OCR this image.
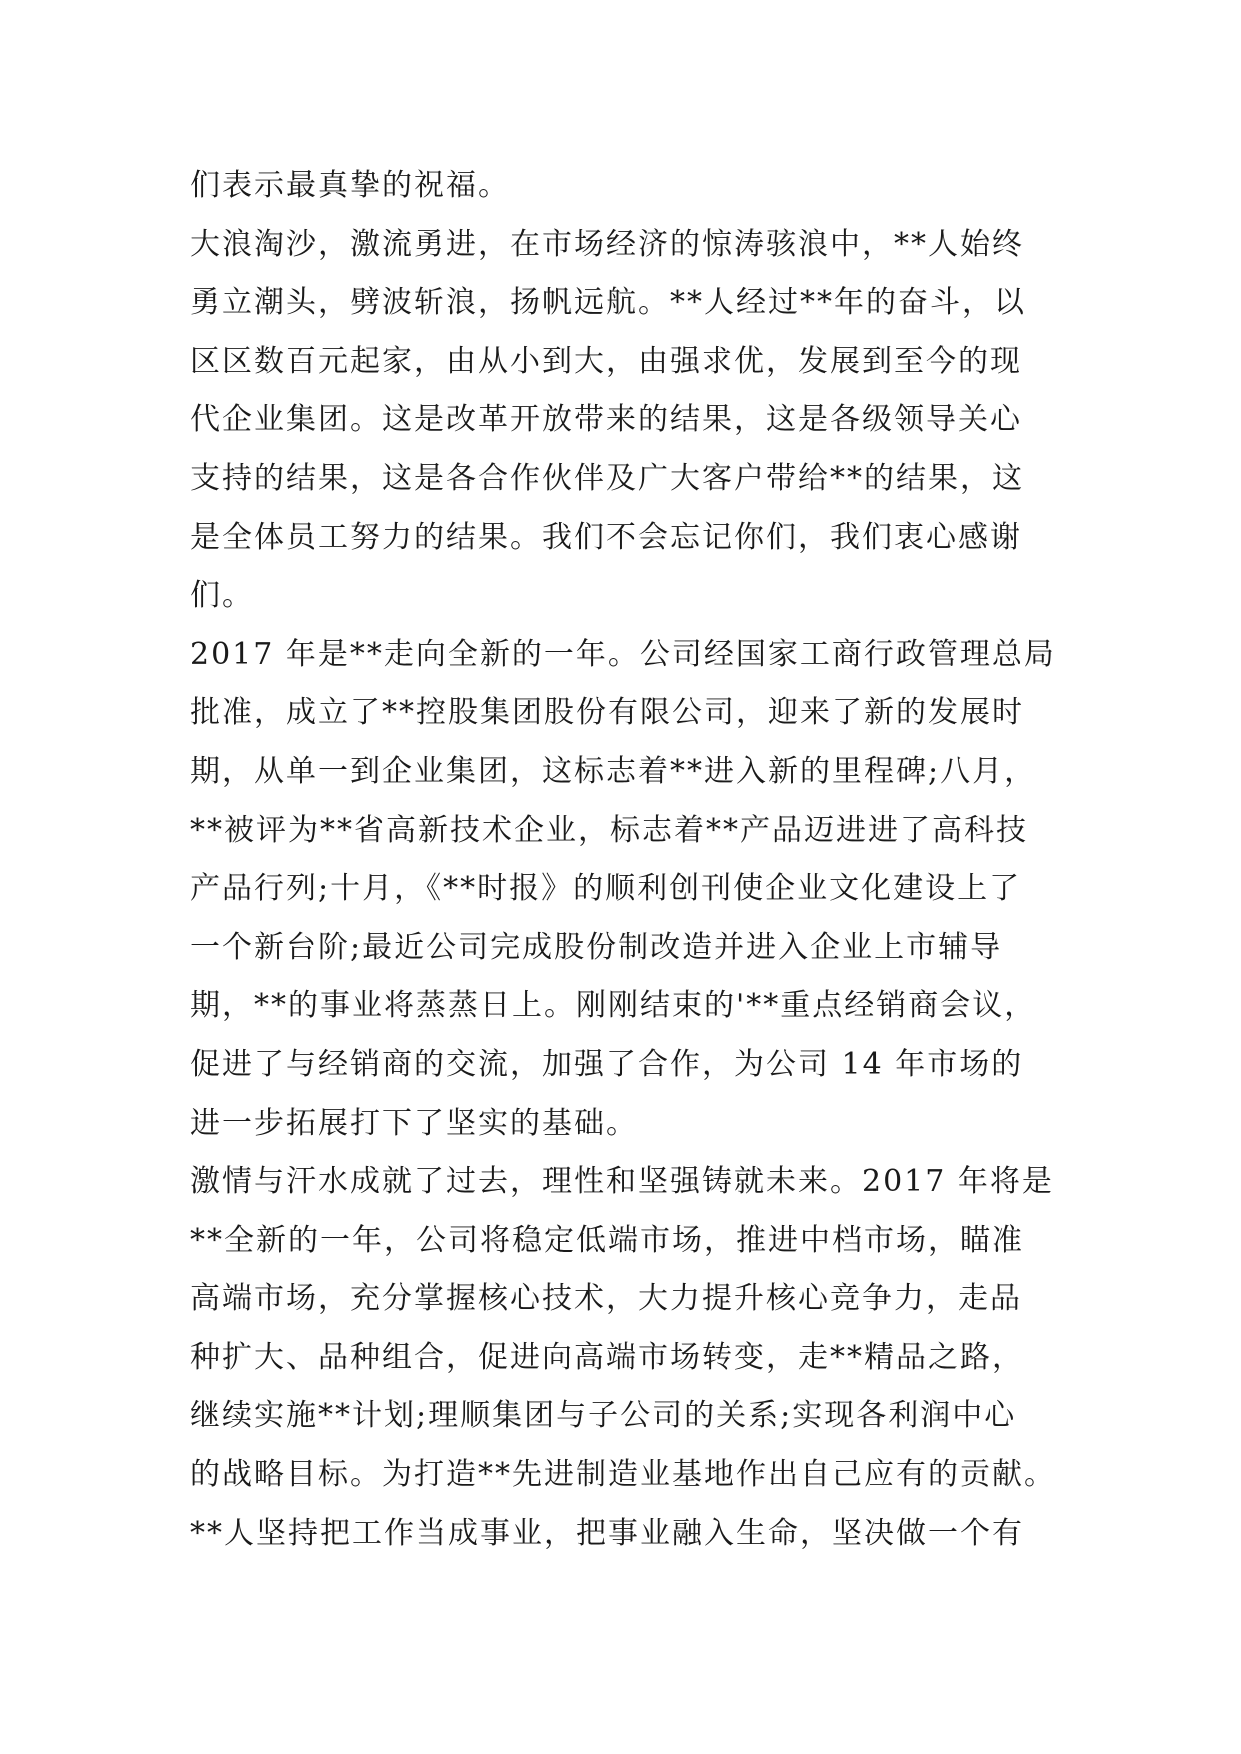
们表示最真挚的祝福。
大浪淘沙，激流勇进，在市场经济的惊涛骇浪中，**人始终
勇立潮头，劈波斩浪，扬帆远航。**人经过**年的奋斗，以
区区数百元起家，由从小到大，由强求优，发展到至今的现
代企业集团。这是改革开放带来的结果，这是各级领导关心
支持的结果，这是各合作伙伴及广大客户带给**的结果，这
是全体员工努力的结果。我们不会忘记你们，我们衷心感谢
们。
2017 年是**走向全新的一年。公司经国家工商行政管理总局
批准，成立了**控股集团股份有限公司，迎来了新的发展时
期，从单一到企业集团，这标志着**进入新的里程碑;八月，
**被评为**省高新技术企业，标志着**产品迈进进了高科技
产品行列;十月，《**时报》的顺利创刊使企业文化建设上了
一个新台阶;最近公司完成股份制改造并进入企业上市辅导
期，**的事业将蒸蒸日上。刚刚结束的'**重点经销商会议，
促进了与经销商的交流，加强了合作，为公司 14 年市场的
进一步拓展打下了坚实的基础。
激情与汗水成就了过去，理性和坚强铸就未来。2017 年将是
**全新的一年，公司将稳定低端市场，推进中档市场，瞄准
高端市场，充分掌握核心技术，大力提升核心竞争力，走品
种扩大、品种组合，促进向高端市场转变，走**精品之路，
继续实施**计划;理顺集团与子公司的关系;实现各利润中心
的战略目标。为打造**先进制造业基地作出自己应有的贡献。
**人坚持把工作当成事业，把事业融入生命，坚决做一个有
